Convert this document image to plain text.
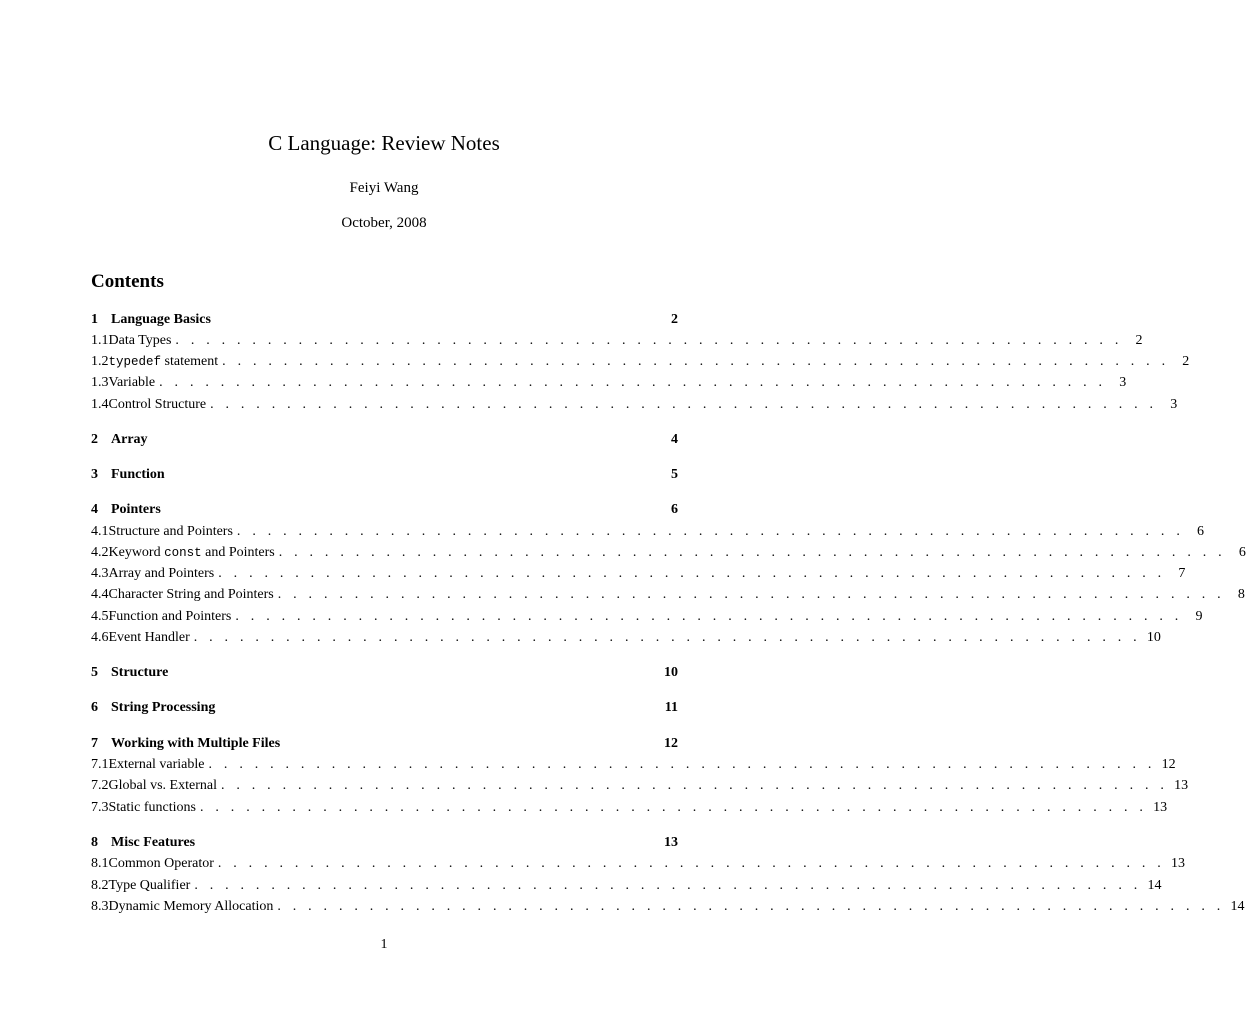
C Language: Review Notes
Feiyi Wang
October, 2008
Contents
1 Language Basics	2
1.1 Data Types . . . . . . . . . . . . . . . . . . . . . . . . . . . . . . . . . . . . . . . . . . . . . . . . . . . . . . . . . . . . . . 2
1.2 typedef statement . . . . . . . . . . . . . . . . . . . . . . . . . . . . . . . . . . . . . . . . . . . . . . . . . . . . . . . . . . . . . . 2
1.3 Variable . . . . . . . . . . . . . . . . . . . . . . . . . . . . . . . . . . . . . . . . . . . . . . . . . . . . . . . . . . . . . . 3
1.4 Control Structure . . . . . . . . . . . . . . . . . . . . . . . . . . . . . . . . . . . . . . . . . . . . . . . . . . . . . . . . . . . . . . 3
2 Array	4
3 Function	5
4 Pointers	6
4.1 Structure and Pointers . . . . . . . . . . . . . . . . . . . . . . . . . . . . . . . . . . . . . . . . . . . . . . . . . . . . . . . . . . . . . . 6
4.2 Keyword const and Pointers . . . . . . . . . . . . . . . . . . . . . . . . . . . . . . . . . . . . . . . . . . . . . . . . . . . . . . . . . . . . . . 6
4.3 Array and Pointers . . . . . . . . . . . . . . . . . . . . . . . . . . . . . . . . . . . . . . . . . . . . . . . . . . . . . . . . . . . . . . 7
4.4 Character String and Pointers . . . . . . . . . . . . . . . . . . . . . . . . . . . . . . . . . . . . . . . . . . . . . . . . . . . . . . . . . . . . . . 8
4.5 Function and Pointers . . . . . . . . . . . . . . . . . . . . . . . . . . . . . . . . . . . . . . . . . . . . . . . . . . . . . . . . . . . . . . 9
4.6 Event Handler . . . . . . . . . . . . . . . . . . . . . . . . . . . . . . . . . . . . . . . . . . . . . . . . . . . . . . . . . . . . . . 10
5 Structure	10
6 String Processing	11
7 Working with Multiple Files	12
7.1 External variable . . . . . . . . . . . . . . . . . . . . . . . . . . . . . . . . . . . . . . . . . . . . . . . . . . . . . . . . . . . . . . 12
7.2 Global vs. External . . . . . . . . . . . . . . . . . . . . . . . . . . . . . . . . . . . . . . . . . . . . . . . . . . . . . . . . . . . . . . 13
7.3 Static functions . . . . . . . . . . . . . . . . . . . . . . . . . . . . . . . . . . . . . . . . . . . . . . . . . . . . . . . . . . . . . . 13
8 Misc Features	13
8.1 Common Operator . . . . . . . . . . . . . . . . . . . . . . . . . . . . . . . . . . . . . . . . . . . . . . . . . . . . . . . . . . . . . . 13
8.2 Type Qualifier . . . . . . . . . . . . . . . . . . . . . . . . . . . . . . . . . . . . . . . . . . . . . . . . . . . . . . . . . . . . . . 14
8.3 Dynamic Memory Allocation . . . . . . . . . . . . . . . . . . . . . . . . . . . . . . . . . . . . . . . . . . . . . . . . . . . . . . . . . . . . . . 14
1
